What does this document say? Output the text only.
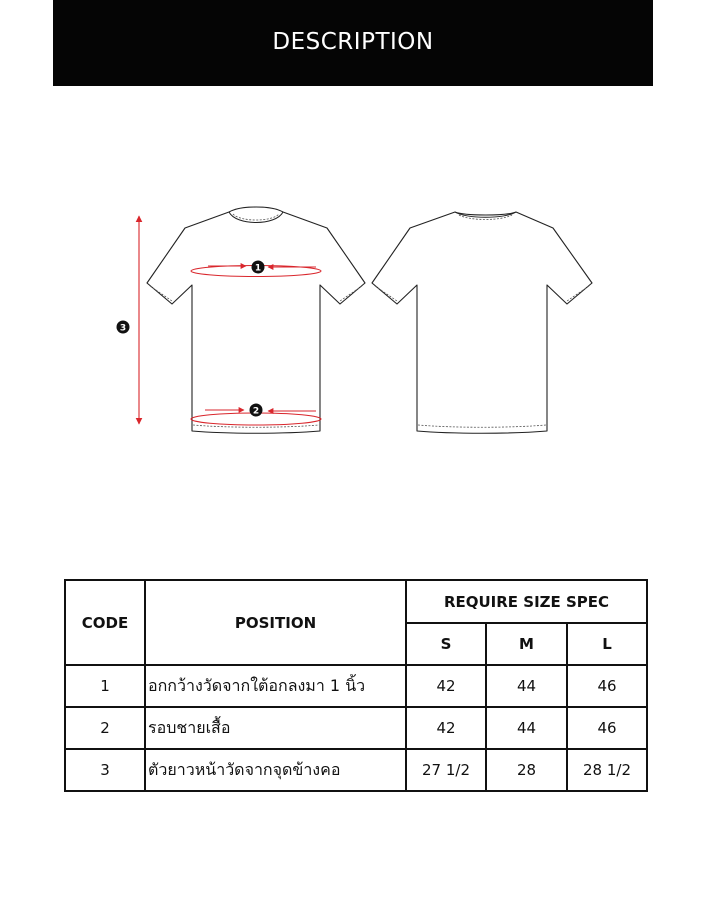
DESCRIPTION
1
2
3
CODE	POSITION	REQUIRE SIZE SPEC		
		S	M	L
1	อกกว้างวัดจากใต้อกลงมา 1 นิ้ว	42	44	46
2	รอบชายเสื้อ	42	44	46
3	ตัวยาวหน้าวัดจากจุดข้างคอ	27 1/2	28	28 1/2
